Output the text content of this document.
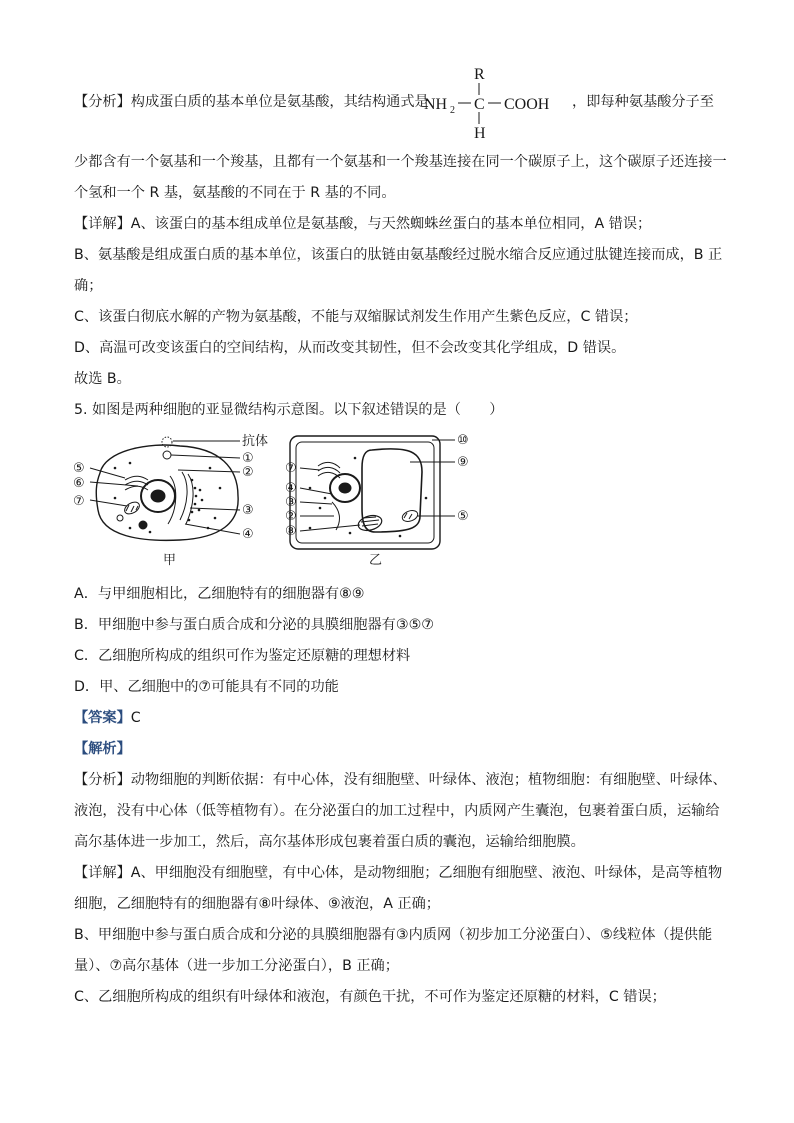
【分析】构成蛋白质的基本单位是氨基酸，其结构通式是
R
NH 2 C COOH
H
，即每种氨基酸分子至
少都含有一个氨基和一个羧基，且都有一个氨基和一个羧基连接在同一个碳原子上，这个碳原子还连接一
个氢和一个 R 基，氨基酸的不同在于 R 基的不同。
【详解】A、该蛋白的基本组成单位是氨基酸，与天然蜘蛛丝蛋白的基本单位相同，A 错误；
B、氨基酸是组成蛋白质的基本单位，该蛋白的肽链由氨基酸经过脱水缩合反应通过肽键连接而成，B 正
确；
C、该蛋白彻底水解的产物为氨基酸，不能与双缩脲试剂发生作用产生紫色反应，C 错误；
D、高温可改变该蛋白的空间结构，从而改变其韧性，但不会改变其化学组成，D 错误。
故选 B。
5. 如图是两种细胞的亚显微结构示意图。以下叙述错误的是（　　）
抗体
①
②
③
④
⑤
⑥
⑦
甲
⑩
⑨
⑤
⑦
④
③
②
⑧
乙
A．与甲细胞相比，乙细胞特有的细胞器有⑧⑨
B．甲细胞中参与蛋白质合成和分泌的具膜细胞器有③⑤⑦
C．乙细胞所构成的组织可作为鉴定还原糖的理想材料
D．甲、乙细胞中的⑦可能具有不同的功能
【答案】C
【解析】
【分析】动物细胞的判断依据：有中心体，没有细胞壁、叶绿体、液泡；植物细胞：有细胞壁、叶绿体、
液泡，没有中心体（低等植物有）。在分泌蛋白的加工过程中，内质网产生囊泡，包裹着蛋白质，运输给
高尔基体进一步加工，然后，高尔基体形成包裹着蛋白质的囊泡，运输给细胞膜。
【详解】A、甲细胞没有细胞壁，有中心体，是动物细胞；乙细胞有细胞壁、液泡、叶绿体，是高等植物
细胞，乙细胞特有的细胞器有⑧叶绿体、⑨液泡，A 正确；
B、甲细胞中参与蛋白质合成和分泌的具膜细胞器有③内质网（初步加工分泌蛋白）、⑤线粒体（提供能
量）、⑦高尔基体（进一步加工分泌蛋白），B 正确；
C、乙细胞所构成的组织有叶绿体和液泡，有颜色干扰，不可作为鉴定还原糖的材料，C 错误；
